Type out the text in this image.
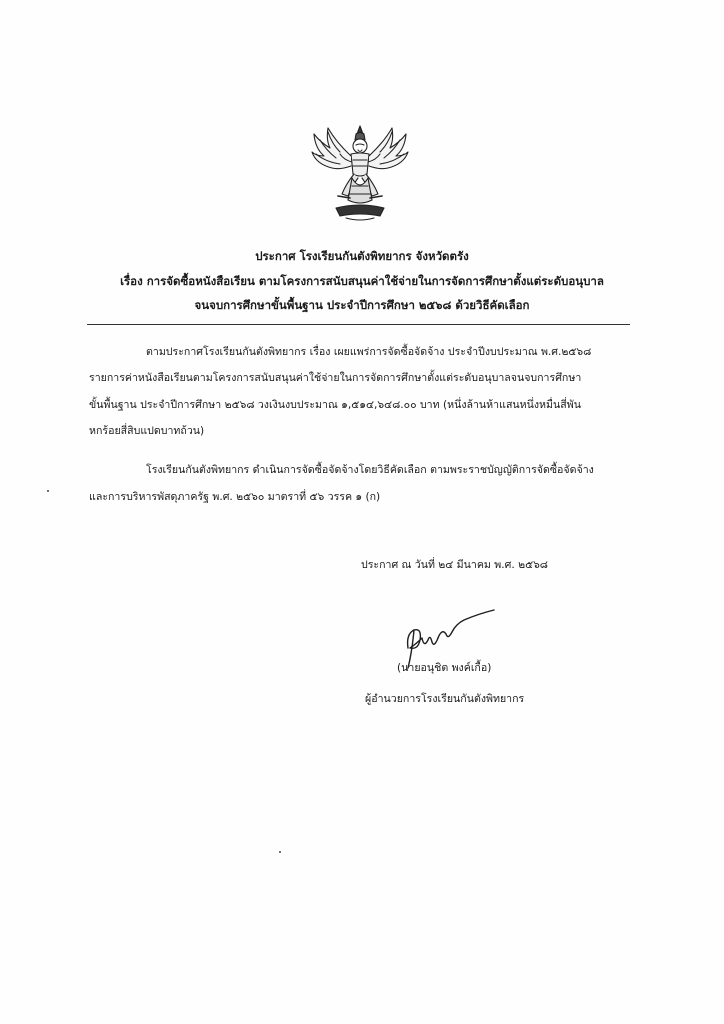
ประกาศ โรงเรียนกันตังพิทยากร จังหวัดตรัง
เรื่อง การจัดซื้อหนังสือเรียน ตามโครงการสนับสนุนค่าใช้จ่ายในการจัดการศึกษาตั้งแต่ระดับอนุบาล
จนจบการศึกษาขั้นพื้นฐาน ประจำปีการศึกษา ๒๕๖๘ ด้วยวิธีคัดเลือก
ตามประกาศโรงเรียนกันตังพิทยากร เรื่อง เผยแพร่การจัดซื้อจัดจ้าง ประจำปีงบประมาณ พ.ศ.๒๕๖๘
รายการค่าหนังสือเรียนตามโครงการสนับสนุนค่าใช้จ่ายในการจัดการศึกษาตั้งแต่ระดับอนุบาลจนจบการศึกษา
ขั้นพื้นฐาน ประจำปีการศึกษา ๒๕๖๘ วงเงินงบประมาณ ๑,๕๑๔,๖๔๘.๐๐ บาท (หนึ่งล้านห้าแสนหนึ่งหมื่นสี่พัน
หกร้อยสี่สิบแปดบาทถ้วน)
โรงเรียนกันตังพิทยากร ดำเนินการจัดซื้อจัดจ้างโดยวิธีคัดเลือก ตามพระราชบัญญัติการจัดซื้อจัดจ้าง
และการบริหารพัสดุภาครัฐ พ.ศ. ๒๕๖๐ มาตราที่ ๕๖ วรรค ๑ (ก)
ประกาศ ณ วันที่ ๒๔ มีนาคม พ.ศ. ๒๕๖๘
(นายอนุชิต พงค์เกื้อ)
ผู้อำนวยการโรงเรียนกันตังพิทยากร
